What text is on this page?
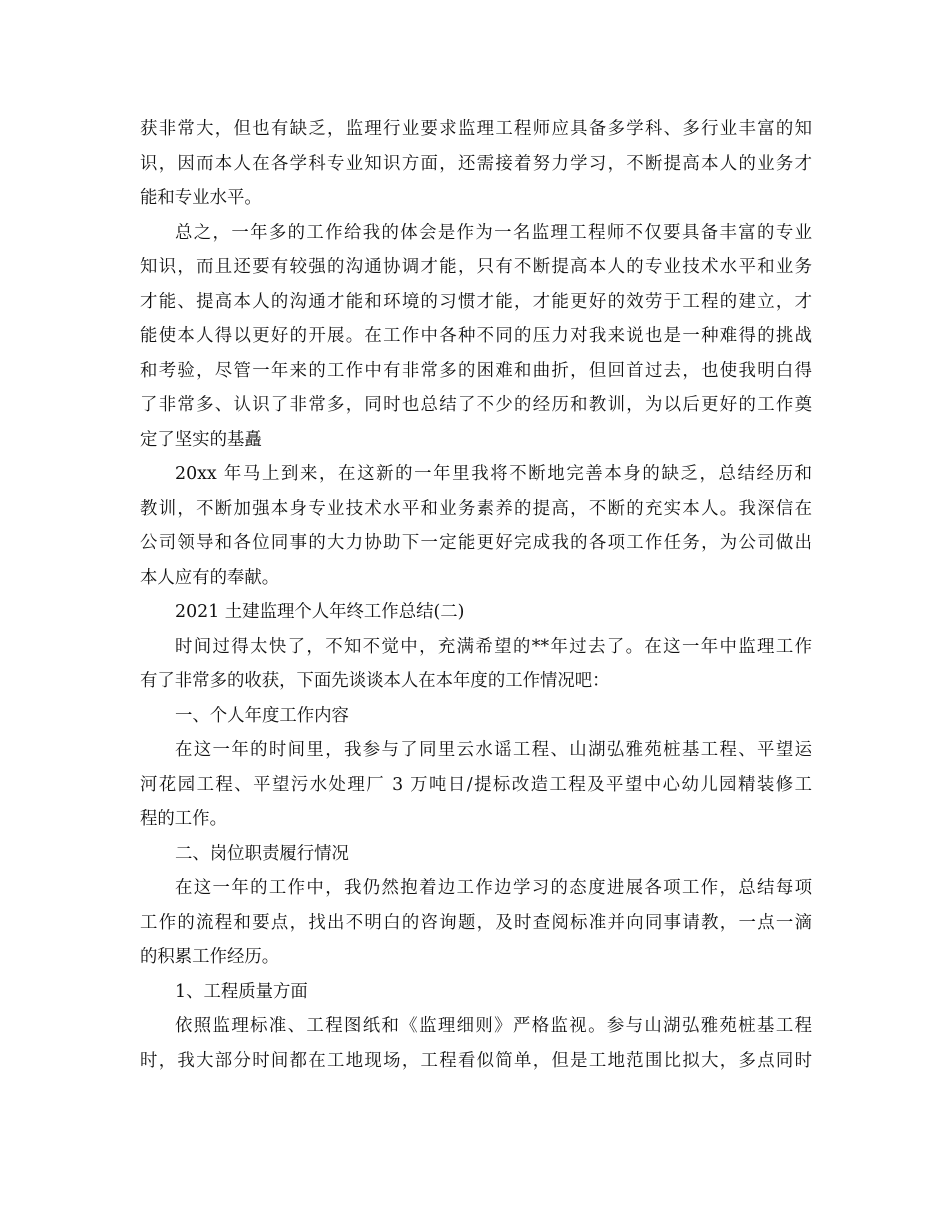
获非常大，但也有缺乏，监理行业要求监理工程师应具备多学科、多行业丰富的知
识，因而本人在各学科专业知识方面，还需接着努力学习，不断提高本人的业务才
能和专业水平。
总之，一年多的工作给我的体会是作为一名监理工程师不仅要具备丰富的专业
知识，而且还要有较强的沟通协调才能，只有不断提高本人的专业技术水平和业务
才能、提高本人的沟通才能和环境的习惯才能，才能更好的效劳于工程的建立，才
能使本人得以更好的开展。在工作中各种不同的压力对我来说也是一种难得的挑战
和考验，尽管一年来的工作中有非常多的困难和曲折，但回首过去，也使我明白得
了非常多、认识了非常多，同时也总结了不少的经历和教训，为以后更好的工作奠
定了坚实的基矗
20xx 年马上到来，在这新的一年里我将不断地完善本身的缺乏，总结经历和
教训，不断加强本身专业技术水平和业务素养的提高，不断的充实本人。我深信在
公司领导和各位同事的大力协助下一定能更好完成我的各项工作任务，为公司做出
本人应有的奉献。
2021 土建监理个人年终工作总结(二)
时间过得太快了，不知不觉中，充满希望的**年过去了。在这一年中监理工作
有了非常多的收获，下面先谈谈本人在本年度的工作情况吧：
一、个人年度工作内容
在这一年的时间里，我参与了同里云水谣工程、山湖弘雅苑桩基工程、平望运
河花园工程、平望污水处理厂 3 万吨日/提标改造工程及平望中心幼儿园精装修工
程的工作。
二、岗位职责履行情况
在这一年的工作中，我仍然抱着边工作边学习的态度进展各项工作，总结每项
工作的流程和要点，找出不明白的咨询题，及时查阅标准并向同事请教，一点一滴
的积累工作经历。
1、工程质量方面
依照监理标准、工程图纸和《监理细则》严格监视。参与山湖弘雅苑桩基工程
时，我大部分时间都在工地现场，工程看似简单，但是工地范围比拟大，多点同时
